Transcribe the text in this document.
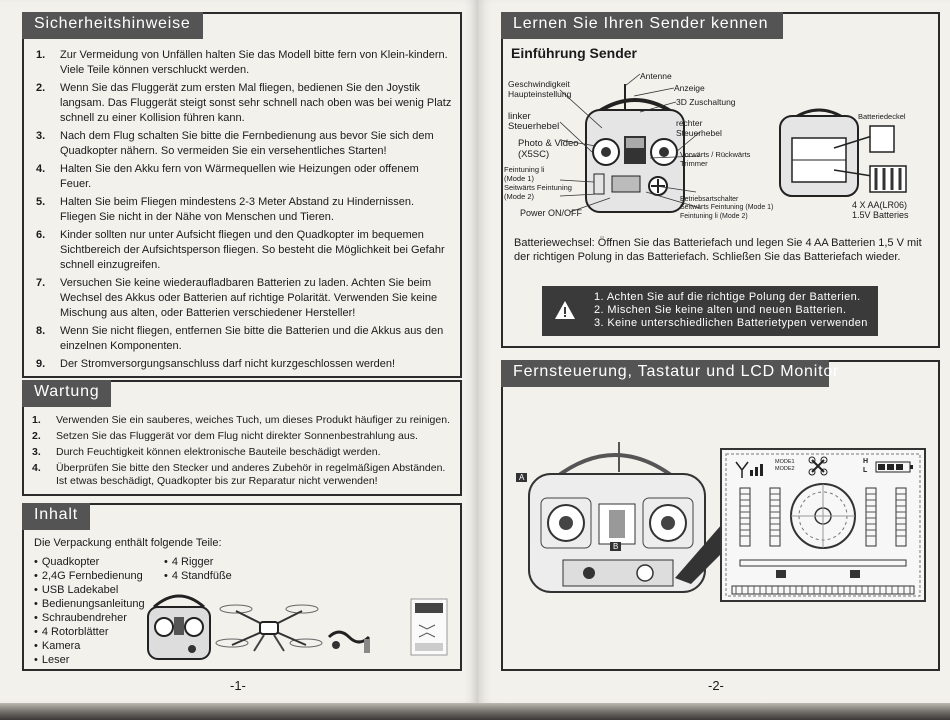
Sicherheitshinweise
1. Zur Vermeidung von Unfällen halten Sie das Modell bitte fern von Klein-kindern. Viele Teile können verschluckt werden.
2. Wenn Sie das Fluggerät zum ersten Mal fliegen, bedienen Sie den Joystik langsam. Das Fluggerät steigt sonst sehr schnell nach oben was bei wenig Platz schnell zu einer Kollision führen kann.
3. Nach dem Flug schalten Sie bitte die Fernbedienung aus bevor Sie sich dem Quadkopter nähern. So vermeiden Sie ein versehentliches Starten!
4. Halten Sie den Akku fern von Wärmequellen wie Heizungen oder offenem Feuer.
5. Halten Sie beim Fliegen mindestens 2-3 Meter Abstand zu Hindernissen. Fliegen Sie nicht in der Nähe von Menschen und Tieren.
6. Kinder sollten nur unter Aufsicht fliegen und den Quadkopter im bequemen Sichtbereich der Aufsichtsperson fliegen. So besteht die Möglichkeit bei Gefahr schnell einzugreifen.
7. Versuchen Sie keine wiederaufladbaren Batterien zu laden. Achten Sie beim Wechsel des Akkus oder Batterien auf richtige Polarität. Verwenden Sie keine Mischung aus alten, oder Batterien verschiedener Hersteller!
8. Wenn Sie nicht fliegen, entfernen Sie bitte die Batterien und die Akkus aus den einzelnen Komponenten.
9. Der Stromversorgungsanschluss darf nicht kurzgeschlossen werden!
Wartung
1. Verwenden Sie ein sauberes, weiches Tuch, um dieses Produkt häufiger zu reinigen.
2. Setzen Sie das Fluggerät vor dem Flug nicht direkter Sonnenbestrahlung aus.
3. Durch Feuchtigkeit können elektronische Bauteile beschädigt werden.
4. Überprüfen Sie bitte den Stecker und anderes Zubehör in regelmäßigen Abständen. Ist etwas beschädigt, Quadkopter bis zur Reparatur nicht verwenden!
Inhalt
Die Verpackung enthält folgende Teile:
• Quadkopter
• 2,4G Fernbedienung
• USB Ladekabel
• Bedienungsanleitung
• Schraubendreher
• 4 Rotorblätter
• Kamera
• Leser
• 4 Rigger
• 4 Standfüße
-1-
Lernen Sie Ihren Sender kennen
Einführung Sender
Geschwindigkeit
Haupteinstellung
linker
Steuerhebel
Photo & Video
(X5SC)
Feintuning li
(Mode 1)
Seitwärts Feintuning
(Mode 2)
Power ON/OFF
Antenne
Anzeige
3D Zuschaltung
rechter
Steuerhebel
Vorwärts / Rückwärts
Trimmer
Betriebsartschalter
Seitwärts Feintuning (Mode 1)
Feintuning li (Mode 2)
Batteriedeckel
4 X AA(LR06)
1.5V Batteries
Batteriewechsel: Öffnen Sie das Batteriefach und legen Sie 4 AA Batterien 1,5 V mit der richtigen Polung in das Batteriefach. Schließen Sie das Batteriefach wieder.
1. Achten Sie auf die richtige Polung der Batterien.
2. Mischen Sie keine alten und neuen Batterien.
3. Keine unterschiedlichen Batterietypen verwenden
Fernsteuerung, Tastatur und LCD Monitor
A
B
MODE1
MODE2
H
L
-2-
